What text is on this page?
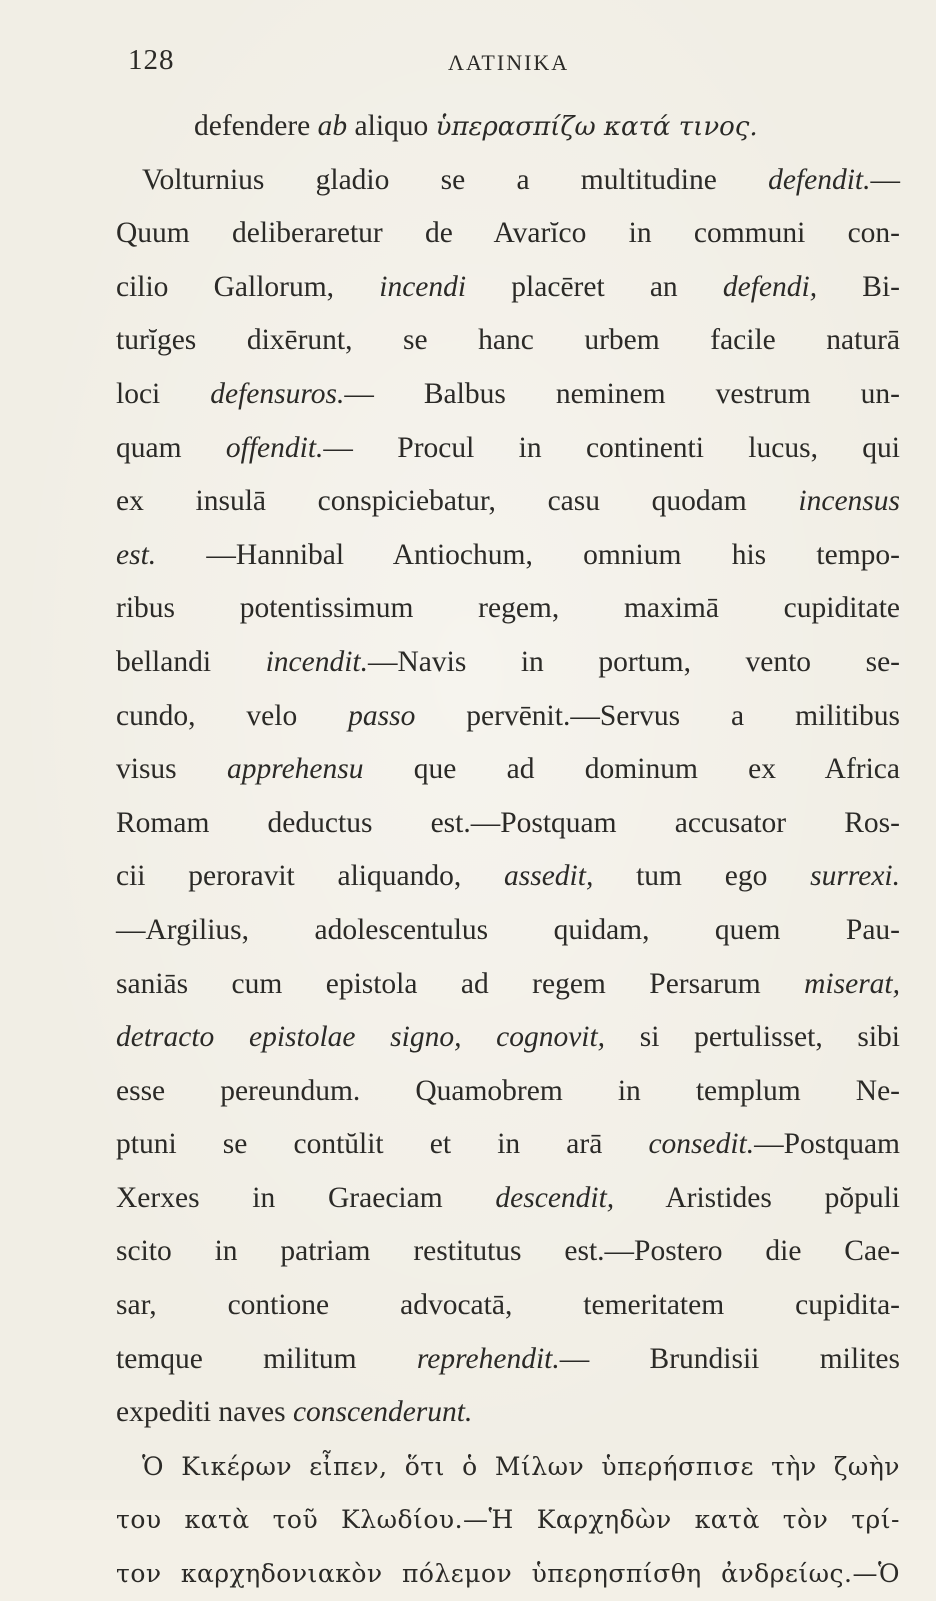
128	ΛΑΤΙΝΙΚΑ
defendere ab aliquo ὑπερασπίζω κατά τινος.
Volturnius gladio se a multitudine defendit.—
Quum deliberaretur de Avarĭco in communi con-
cilio Gallorum, incendi placēret an defendi, Bi-
turĭges dixērunt, se hanc urbem facile naturā
loci defensuros.— Balbus neminem vestrum un-
quam offendit.— Procul in continenti lucus, qui
ex insulā conspiciebatur, casu quodam incensus
est. —Hannibal Antiochum, omnium his tempo-
ribus potentissimum regem, maximā cupiditate
bellandi incendit.—Navis in portum, vento se-
cundo, velo passo pervēnit.—Servus a militibus
visus apprehensu que ad dominum ex Africa
Romam deductus est.—Postquam accusator Ros-
cii peroravit aliquando, assedit, tum ego surrexi.
—Argilius, adolescentulus quidam, quem Pau-
saniās cum epistola ad regem Persarum miserat,
detracto epistolae signo, cognovit, si pertulisset, sibi
esse pereundum. Quamobrem in templum Ne-
ptuni se contŭlit et in arā consedit.—Postquam
Xerxes in Graeciam descendit, Aristides pŏpuli
scito in patriam restitutus est.—Postero die Cae-
sar, contione advocatā, temeritatem cupidita-
temque militum reprehendit.— Brundisii milites
expediti naves conscenderunt.
Ὁ Κικέρων εἶπεν, ὅτι ὁ Μίλων ὑπερήσπισε τὴν ζωὴν
του κατὰ τοῦ Κλωδίου.—Ἡ Καρχηδὼν κατὰ τὸν τρί-
τον καρχηδονιακὸν πόλεμον ὑπερησπίσθη ἀνδρείως.—Ὁ
